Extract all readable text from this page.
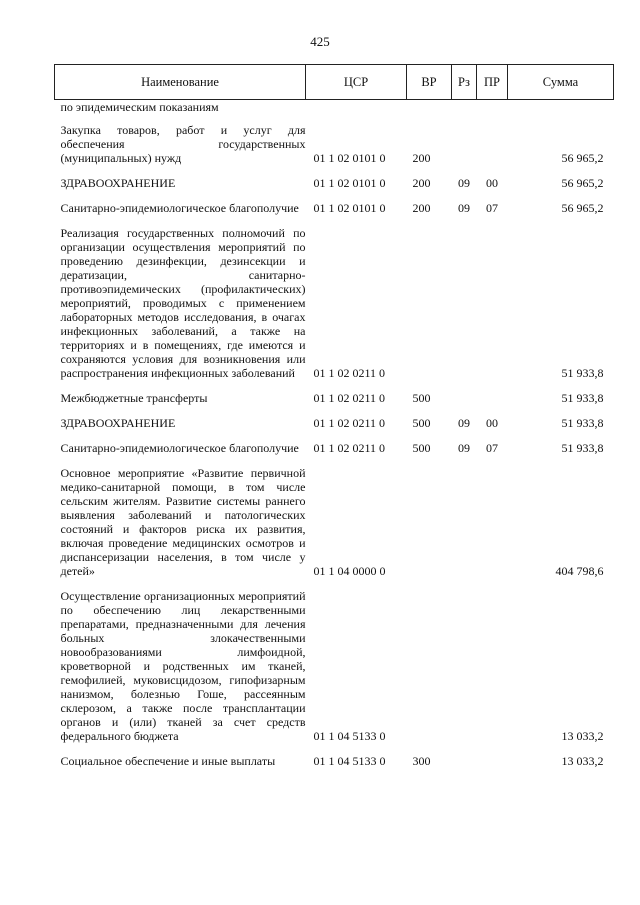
425
Наименование	ЦСР	ВР	Рз	ПР	Сумма
по эпидемическим показаниям					

Закупка товаров, работ и услуг для обеспечения государственных (муниципальных) нужд	01 1 02 0101 0	200			56 965,2

ЗДРАВООХРАНЕНИЕ	01 1 02 0101 0	200	09	00	56 965,2

Санитарно-эпидемиологическое благополучие	01 1 02 0101 0	200	09	07	56 965,2

Реализация государственных полномочий по организации осуществления мероприятий по проведению дезинфекции, дезинсекции и дератизации, санитарно-противоэпидемических (профилактических) мероприятий, проводимых с применением лабораторных методов исследования, в очагах инфекционных заболеваний, а также на территориях и в помещениях, где имеются и сохраняются условия для возникновения или распространения инфекционных заболеваний	01 1 02 0211 0				51 933,8

Межбюджетные трансферты	01 1 02 0211 0	500			51 933,8

ЗДРАВООХРАНЕНИЕ	01 1 02 0211 0	500	09	00	51 933,8

Санитарно-эпидемиологическое благополучие	01 1 02 0211 0	500	09	07	51 933,8

Основное мероприятие «Развитие первичной медико-санитарной помощи, в том числе сельским жителям. Развитие системы раннего выявления заболеваний и патологических состояний и факторов риска их развития, включая проведение медицинских осмотров и диспансеризации населения, в том числе у детей»	01 1 04 0000 0				404 798,6

Осуществление организационных мероприятий по обеспечению лиц лекарственными препаратами, предназначенными для лечения больных злокачественными новообразованиями лимфоидной, кроветворной и родственных им тканей, гемофилией, муковисцидозом, гипофизарным нанизмом, болезнью Гоше, рассеянным склерозом, а также после трансплантации органов и (или) тканей за счет средств федерального бюджета	01 1 04 5133 0				13 033,2

Социальное обеспечение и иные выплаты	01 1 04 5133 0	300			13 033,2
